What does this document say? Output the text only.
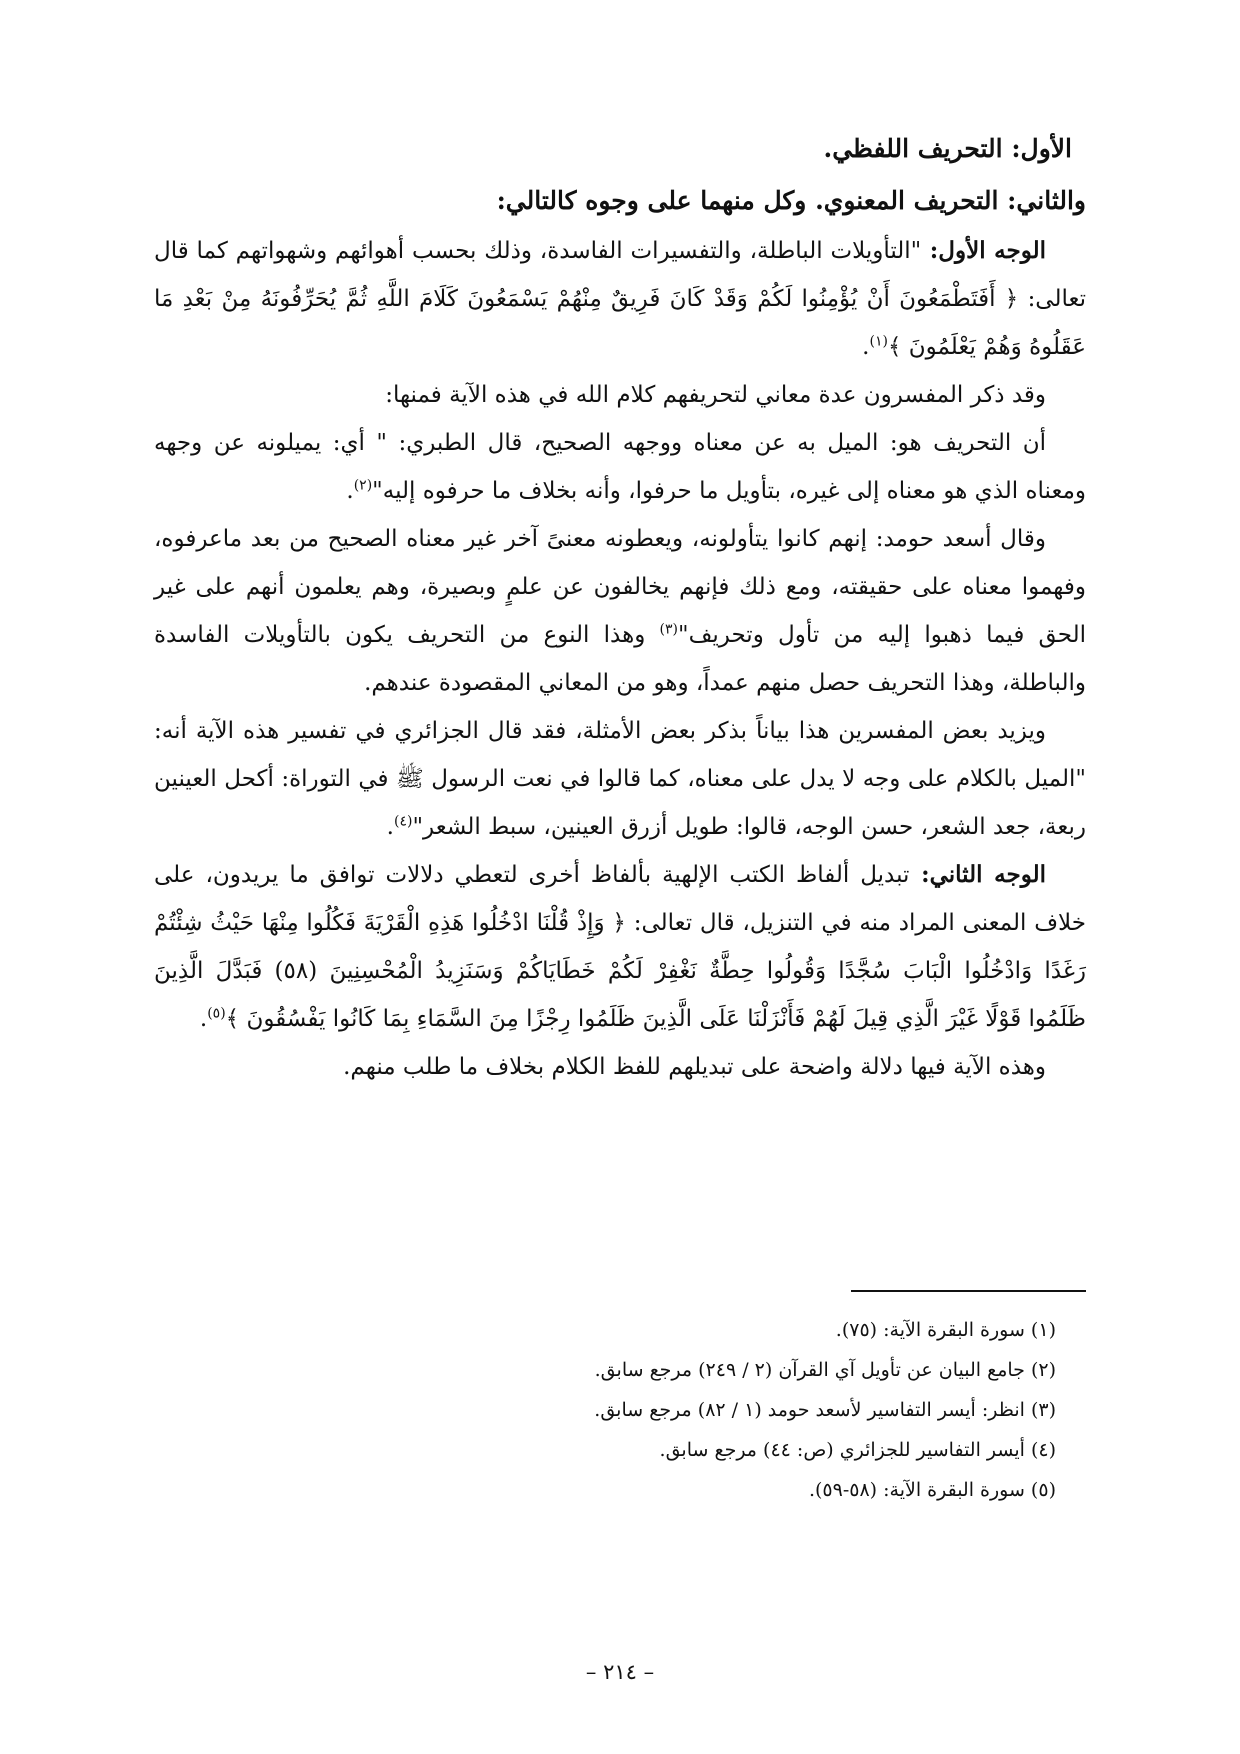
الأول: التحريف اللفظي.

والثاني: التحريف المعنوي. وكل منهما على وجوه كالتالي:

الوجه الأول: "التأويلات الباطلة، والتفسيرات الفاسدة، وذلك بحسب أهوائهم وشهواتهم كما قال تعالى: ﴿ أَفَتَطْمَعُونَ أَنْ يُؤْمِنُوا لَكُمْ وَقَدْ كَانَ فَرِيقٌ مِنْهُمْ يَسْمَعُونَ كَلَامَ اللَّهِ ثُمَّ يُحَرِّفُونَهُ مِنْ بَعْدِ مَا عَقَلُوهُ وَهُمْ يَعْلَمُونَ ﴾$^{(١)}$.

وقد ذكر المفسرون عدة معاني لتحريفهم كلام الله في هذه الآية فمنها:

أن التحريف هو: الميل به عن معناه ووجهه الصحيح، قال الطبري: " أي: يميلونه عن وجهه ومعناه الذي هو معناه إلى غيره، بتأويل ما حرفوا، وأنه بخلاف ما حرفوه إليه"$^{(٢)}$.

وقال أسعد حومد: إنهم كانوا يتأولونه، ويعطونه معنىً آخر غير معناه الصحيح من بعد ماعرفوه، وفهموا معناه على حقيقته، ومع ذلك فإنهم يخالفون عن علمٍ وبصيرة، وهم يعلمون أنهم على غير الحق فيما ذهبوا إليه من تأول وتحريف"$^{(٣)}$ وهذا النوع من التحريف يكون بالتأويلات الفاسدة والباطلة، وهذا التحريف حصل منهم عمداً، وهو من المعاني المقصودة عندهم.

ويزيد بعض المفسرين هذا بياناً بذكر بعض الأمثلة، فقد قال الجزائري في تفسير هذه الآية أنه: "الميل بالكلام على وجه لا يدل على معناه، كما قالوا في نعت الرسول ﷺ في التوراة: أكحل العينين ربعة، جعد الشعر، حسن الوجه، قالوا: طويل أزرق العينين، سبط الشعر"$^{(٤)}$.

الوجه الثاني: تبديل ألفاظ الكتب الإلهية بألفاظ أخرى لتعطي دلالات توافق ما يريدون، على خلاف المعنى المراد منه في التنزيل، قال تعالى: ﴿ وَإِذْ قُلْنَا ادْخُلُوا هَذِهِ الْقَرْيَةَ فَكُلُوا مِنْهَا حَيْثُ شِئْتُمْ رَغَدًا وَادْخُلُوا الْبَابَ سُجَّدًا وَقُولُوا حِطَّةٌ نَغْفِرْ لَكُمْ خَطَايَاكُمْ وَسَنَزِيدُ الْمُحْسِنِينَ (٥٨) فَبَدَّلَ الَّذِينَ ظَلَمُوا قَوْلًا غَيْرَ الَّذِي قِيلَ لَهُمْ فَأَنْزَلْنَا عَلَى الَّذِينَ ظَلَمُوا رِجْزًا مِنَ السَّمَاءِ بِمَا كَانُوا يَفْسُقُونَ ﴾$^{(٥)}$.

وهذه الآية فيها دلالة واضحة على تبديلهم للفظ الكلام بخلاف ما طلب منهم.

(١) سورة البقرة الآية: (٧٥).

(٢) جامع البيان عن تأويل آي القرآن (٢ / ٢٤٩) مرجع سابق.

(٣) انظر: أيسر التفاسير لأسعد حومد (١ / ٨٢) مرجع سابق.

(٤) أيسر التفاسير للجزائري (ص: ٤٤) مرجع سابق.

(٥) سورة البقرة الآية: (٥٨-٥٩).

– ٢١٤ –
